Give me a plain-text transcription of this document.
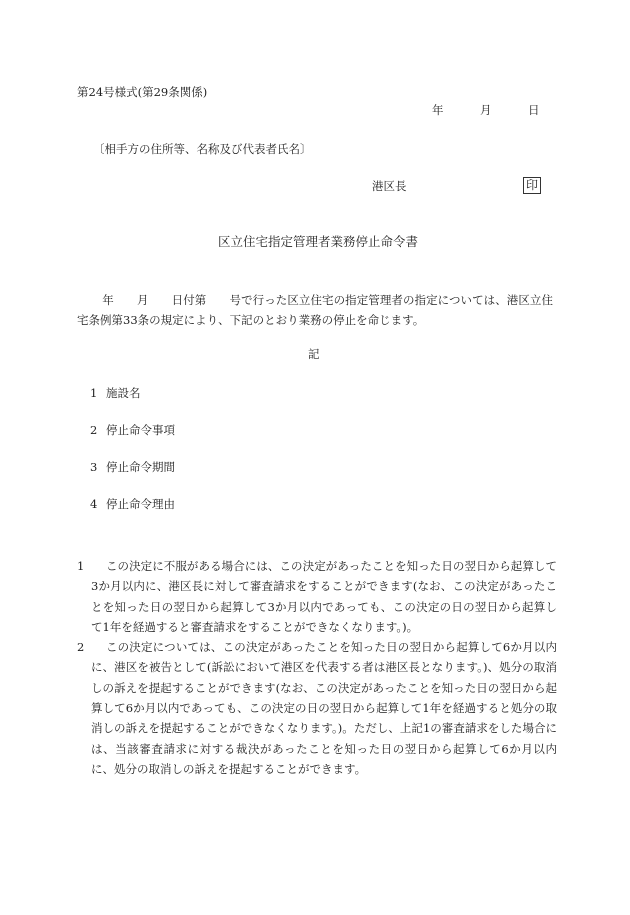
第24号様式(第29条関係)
年	月	日
〔相手方の住所等、名称及び代表者氏名〕
港区長	印
区立住宅指定管理者業務停止命令書

年　　月　　日付第　　号で行った区立住宅の指定管理者の指定については、港区立住宅条例第33条の規定により、下記のとおり業務の停止を命じます。

記
1 施設名
2 停止命令事項
3 停止命令期間
4 停止命令理由
1	この決定に不服がある場合には、この決定があったことを知った日の翌日から起算して3か月以内に、港区長に対して審査請求をすることができます(なお、この決定があったことを知った日の翌日から起算して3か月以内であっても、この決定の日の翌日から起算して1年を経過すると審査請求をすることができなくなります。)。
2	この決定については、この決定があったことを知った日の翌日から起算して6か月以内に、港区を被告として(訴訟において港区を代表する者は港区長となります。)、処分の取消しの訴えを提起することができます(なお、この決定があったことを知った日の翌日から起算して6か月以内であっても、この決定の日の翌日から起算して1年を経過すると処分の取消しの訴えを提起することができなくなります。)。ただし、上記1の審査請求をした場合には、当該審査請求に対する裁決があったことを知った日の翌日から起算して6か月以内に、処分の取消しの訴えを提起することができます。
